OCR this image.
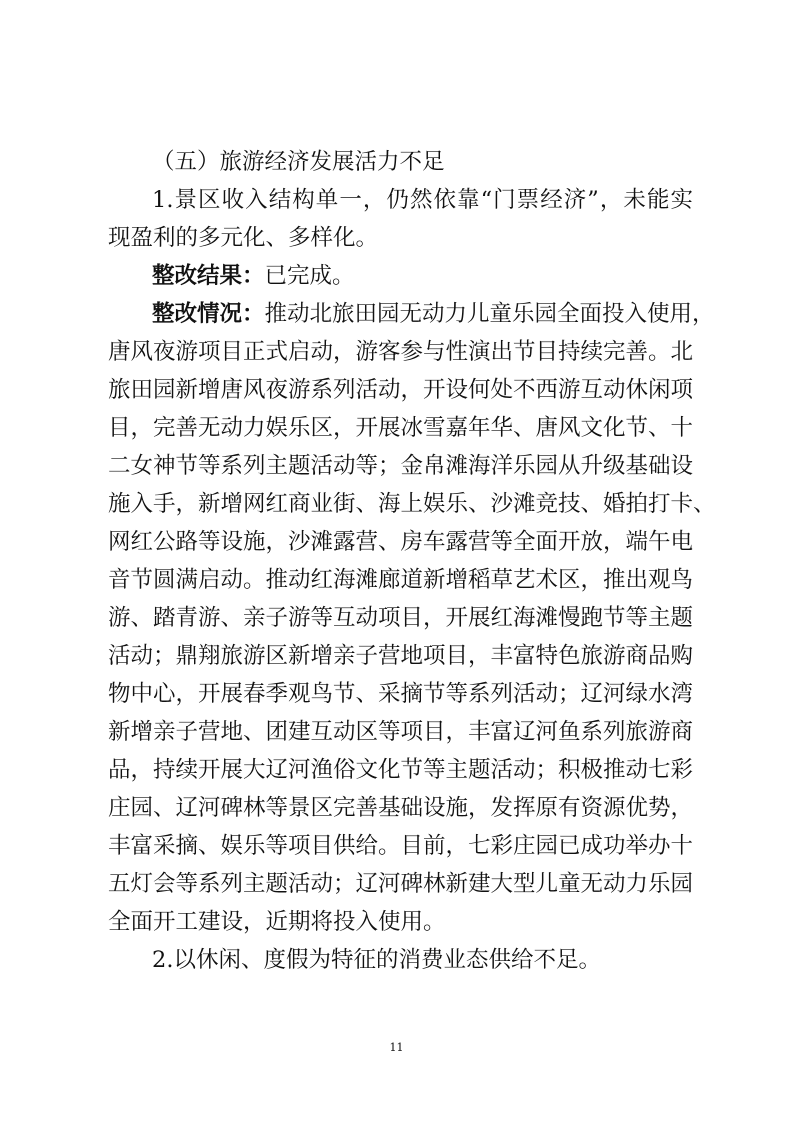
（五）旅游经济发展活力不足
1.景区收入结构单一，仍然依靠“门票经济”，未能实
现盈利的多元化、多样化。
整改结果：已完成。
整改情况：推动北旅田园无动力儿童乐园全面投入使用，
唐风夜游项目正式启动，游客参与性演出节目持续完善。北
旅田园新增唐风夜游系列活动，开设何处不西游互动休闲项
目，完善无动力娱乐区，开展冰雪嘉年华、唐风文化节、十
二女神节等系列主题活动等；金帛滩海洋乐园从升级基础设
施入手，新增网红商业街、海上娱乐、沙滩竞技、婚拍打卡、
网红公路等设施，沙滩露营、房车露营等全面开放，端午电
音节圆满启动。推动红海滩廊道新增稻草艺术区，推出观鸟
游、踏青游、亲子游等互动项目，开展红海滩慢跑节等主题
活动；鼎翔旅游区新增亲子营地项目，丰富特色旅游商品购
物中心，开展春季观鸟节、采摘节等系列活动；辽河绿水湾
新增亲子营地、团建互动区等项目，丰富辽河鱼系列旅游商
品，持续开展大辽河渔俗文化节等主题活动；积极推动七彩
庄园、辽河碑林等景区完善基础设施，发挥原有资源优势，
丰富采摘、娱乐等项目供给。目前，七彩庄园已成功举办十
五灯会等系列主题活动；辽河碑林新建大型儿童无动力乐园
全面开工建设，近期将投入使用。
2.以休闲、度假为特征的消费业态供给不足。
11
